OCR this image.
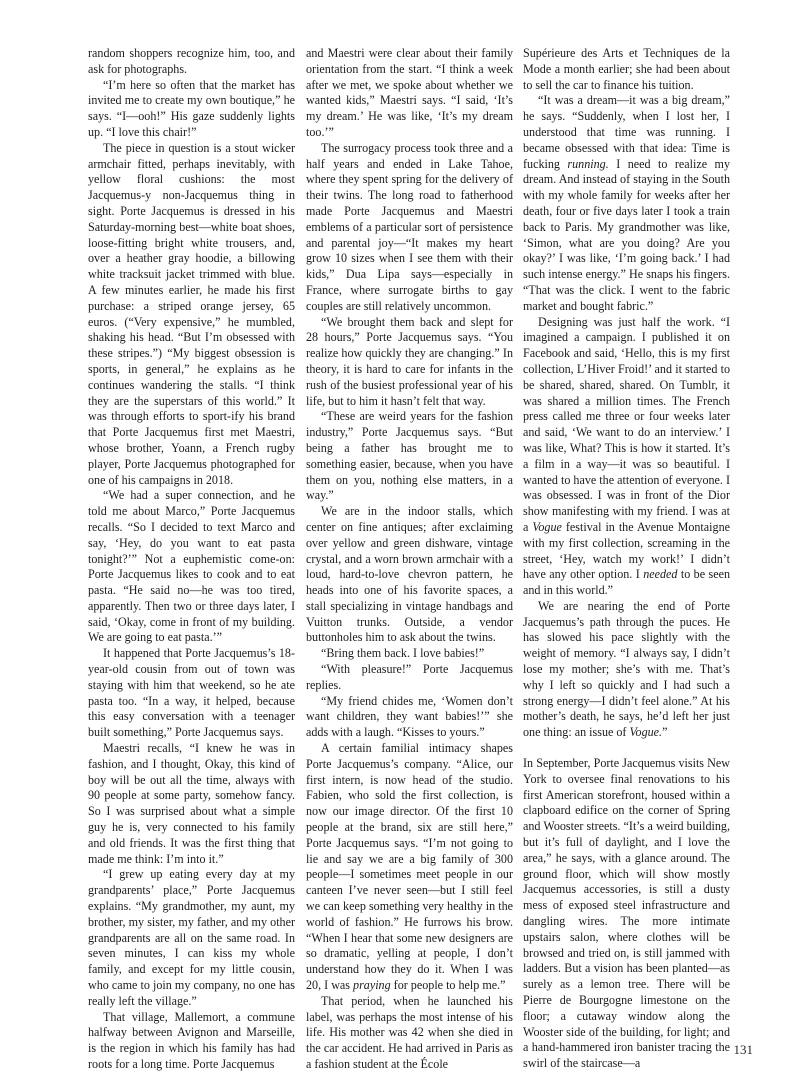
random shoppers recognize him, too, and ask for photographs.

“I’m here so often that the market has invited me to create my own boutique,” he says. “I—ooh!” His gaze suddenly lights up. “I love this chair!”

The piece in question is a stout wicker armchair fitted, perhaps inevitably, with yellow floral cushions: the most Jacquemus-y non-Jacquemus thing in sight. Porte Jacquemus is dressed in his Saturday-morning best—white boat shoes, loose-fitting bright white trousers, and, over a heather gray hoodie, a billowing white tracksuit jacket trimmed with blue. A few minutes earlier, he made his first purchase: a striped orange jersey, 65 euros. (“Very expensive,” he mumbled, shaking his head. “But I’m obsessed with these stripes.”) “My biggest obsession is sports, in general,” he explains as he continues wandering the stalls. “I think they are the superstars of this world.” It was through efforts to sport-ify his brand that Porte Jacquemus first met Maestri, whose brother, Yoann, a French rugby player, Porte Jacquemus photographed for one of his campaigns in 2018.

“We had a super connection, and he told me about Marco,” Porte Jacquemus recalls. “So I decided to text Marco and say, ‘Hey, do you want to eat pasta tonight?’” Not a euphemistic come-on: Porte Jacquemus likes to cook and to eat pasta. “He said no—he was too tired, apparently. Then two or three days later, I said, ‘Okay, come in front of my building. We are going to eat pasta.’”

It happened that Porte Jacquemus’s 18-year-old cousin from out of town was staying with him that weekend, so he ate pasta too. “In a way, it helped, because this easy conversation with a teenager built something,” Porte Jacquemus says.

Maestri recalls, “I knew he was in fashion, and I thought, Okay, this kind of boy will be out all the time, always with 90 people at some party, somehow fancy. So I was surprised about what a simple guy he is, very connected to his family and old friends. It was the first thing that made me think: I’m into it.”

“I grew up eating every day at my grandparents’ place,” Porte Jacquemus explains. “My grandmother, my aunt, my brother, my sister, my father, and my other grandparents are all on the same road. In seven minutes, I can kiss my whole family, and except for my little cousin, who came to join my company, no one has really left the village.”

That village, Mallemort, a commune halfway between Avignon and Marseille, is the region in which his family has had roots for a long time. Porte Jacquemus

and Maestri were clear about their family orientation from the start. “I think a week after we met, we spoke about whether we wanted kids,” Maestri says. “I said, ‘It’s my dream.’ He was like, ‘It’s my dream too.’”

The surrogacy process took three and a half years and ended in Lake Tahoe, where they spent spring for the delivery of their twins. The long road to fatherhood made Porte Jacquemus and Maestri emblems of a particular sort of persistence and parental joy—“It makes my heart grow 10 sizes when I see them with their kids,” Dua Lipa says—especially in France, where surrogate births to gay couples are still relatively uncommon.

“We brought them back and slept for 28 hours,” Porte Jacquemus says. “You realize how quickly they are changing.” In theory, it is hard to care for infants in the rush of the busiest professional year of his life, but to him it hasn’t felt that way.

“These are weird years for the fashion industry,” Porte Jacquemus says. “But being a father has brought me to something easier, because, when you have them on you, nothing else matters, in a way.”

We are in the indoor stalls, which center on fine antiques; after exclaiming over yellow and green dishware, vintage crystal, and a worn brown armchair with a loud, hard-to-love chevron pattern, he heads into one of his favorite spaces, a stall specializing in vintage handbags and Vuitton trunks. Outside, a vendor buttonholes him to ask about the twins.

“Bring them back. I love babies!”

“With pleasure!” Porte Jacquemus replies.

“My friend chides me, ‘Women don’t want children, they want babies!’” she adds with a laugh. “Kisses to yours.”

A certain familial intimacy shapes Porte Jacquemus’s company. “Alice, our first intern, is now head of the studio. Fabien, who sold the first collection, is now our image director. Of the first 10 people at the brand, six are still here,” Porte Jacquemus says. “I’m not going to lie and say we are a big family of 300 people—I sometimes meet people in our canteen I’ve never seen—but I still feel we can keep something very healthy in the world of fashion.” He furrows his brow. “When I hear that some new designers are so dramatic, yelling at people, I don’t understand how they do it. When I was 20, I was praying for people to help me.”

That period, when he launched his label, was perhaps the most intense of his life. His mother was 42 when she died in the car accident. He had arrived in Paris as a fashion student at the École

Supérieure des Arts et Techniques de la Mode a month earlier; she had been about to sell the car to finance his tuition.

“It was a dream—it was a big dream,” he says. “Suddenly, when I lost her, I understood that time was running. I became obsessed with that idea: Time is fucking running. I need to realize my dream. And instead of staying in the South with my whole family for weeks after her death, four or five days later I took a train back to Paris. My grandmother was like, ‘Simon, what are you doing? Are you okay?’ I was like, ‘I’m going back.’ I had such intense energy.” He snaps his fingers. “That was the click. I went to the fabric market and bought fabric.”

Designing was just half the work. “I imagined a campaign. I published it on Facebook and said, ‘Hello, this is my first collection, L’Hiver Froid!’ and it started to be shared, shared, shared. On Tumblr, it was shared a million times. The French press called me three or four weeks later and said, ‘We want to do an interview.’ I was like, What? This is how it started. It’s a film in a way—it was so beautiful. I wanted to have the attention of everyone. I was obsessed. I was in front of the Dior show manifesting with my friend. I was at a Vogue festival in the Avenue Montaigne with my first collection, screaming in the street, ‘Hey, watch my work!’ I didn’t have any other option. I needed to be seen and in this world.”

We are nearing the end of Porte Jacquemus’s path through the puces. He has slowed his pace slightly with the weight of memory. “I always say, I didn’t lose my mother; she’s with me. That’s why I left so quickly and I had such a strong energy—I didn’t feel alone.” At his mother’s death, he says, he’d left her just one thing: an issue of Vogue.”

In September, Porte Jacquemus visits New York to oversee final renovations to his first American storefront, housed within a clapboard edifice on the corner of Spring and Wooster streets. “It’s a weird building, but it’s full of daylight, and I love the area,” he says, with a glance around. The ground floor, which will show mostly Jacquemus accessories, is still a dusty mess of exposed steel infrastructure and dangling wires. The more intimate upstairs salon, where clothes will be browsed and tried on, is still jammed with ladders. But a vision has been planted—as surely as a lemon tree. There will be Pierre de Bourgogne limestone on the floor; a cutaway window along the Wooster side of the building, for light; and a hand-hammered iron banister tracing the swirl of the staircase—a

131
